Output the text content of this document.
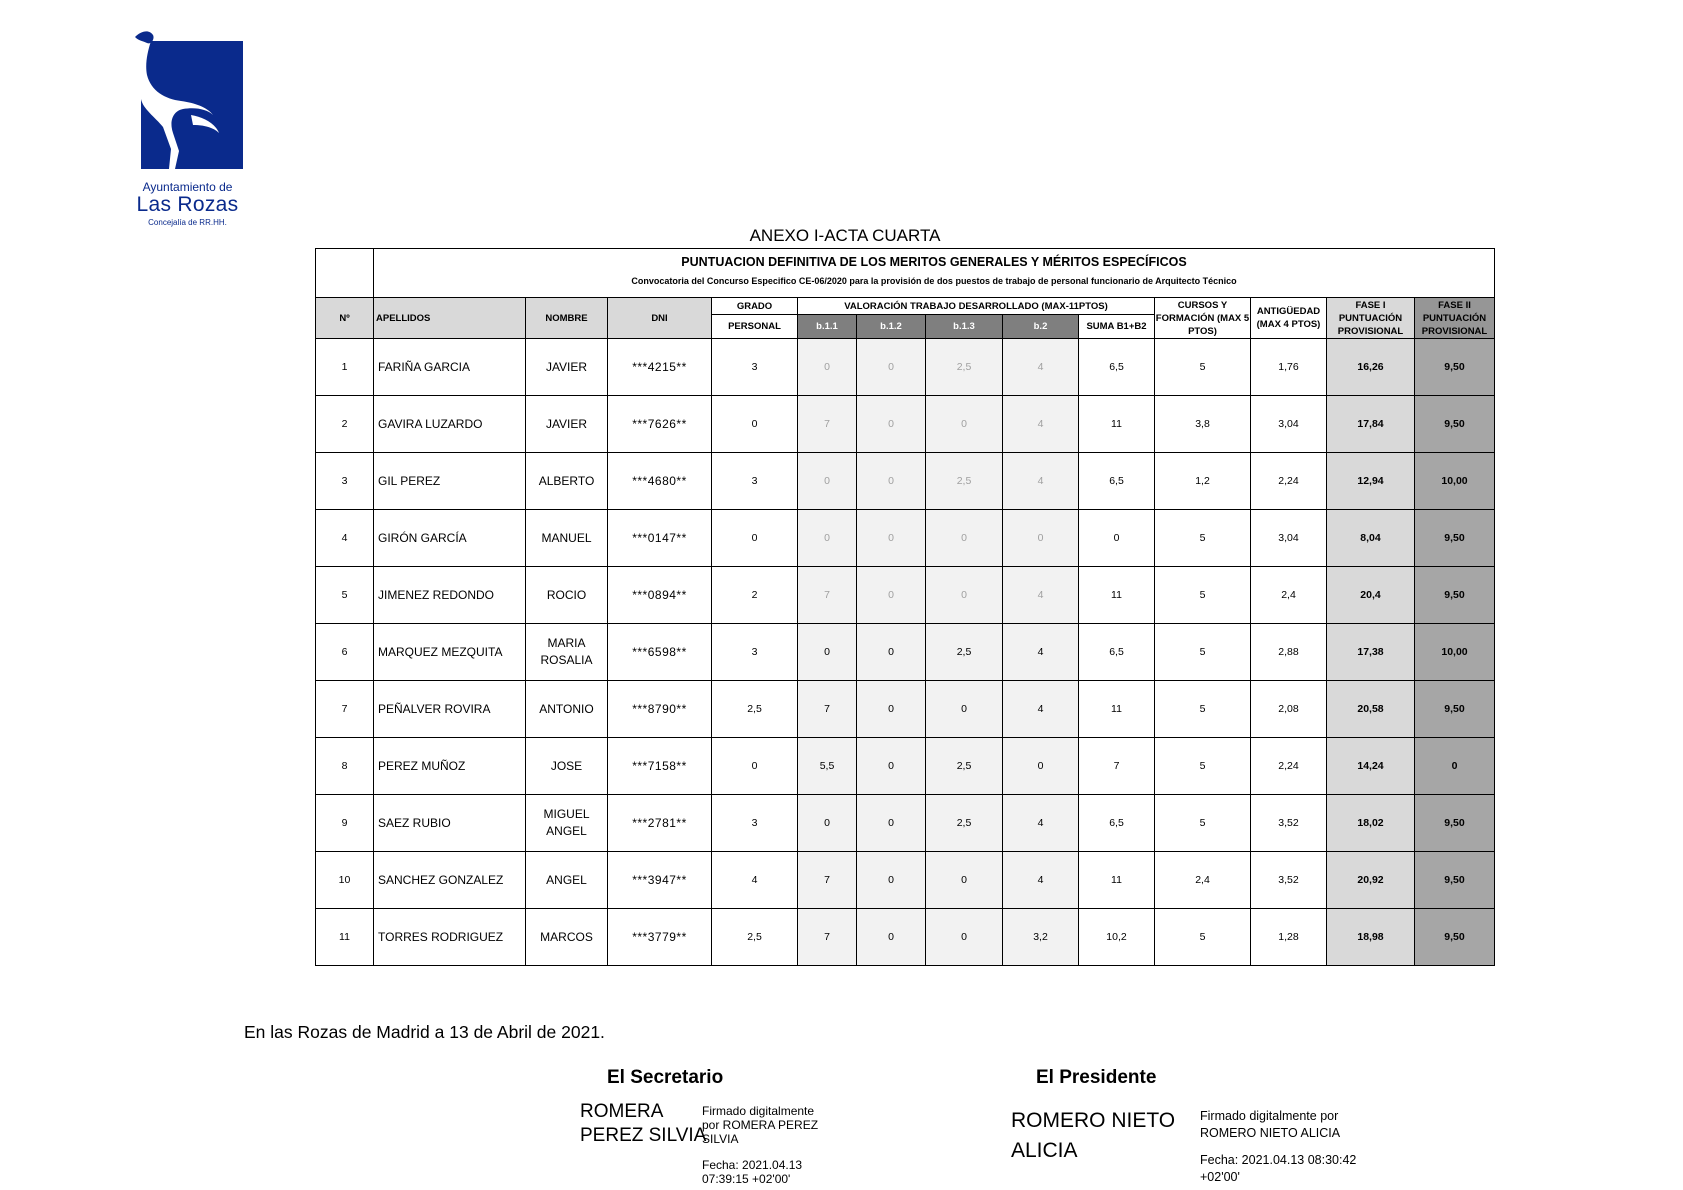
Ayuntamiento de
Las Rozas
Concejalía de RR.HH.
ANEXO I-ACTA CUARTA
	PUNTUACION DEFINITIVA DE LOS MERITOS GENERALES Y MÉRITOS ESPECÍFICOS												
	Convocatoria del Concurso Especifico CE-06/2020 para la provisión de dos puestos de trabajo de personal funcionario de Arquitecto Técnico												
Nº	APELLIDOS	NOMBRE	DNI	GRADO	VALORACIÓN TRABAJO DESARROLLADO (MAX-11PTOS)					CURSOS Y FORMACIÓN (MAX 5 PTOS)	ANTIGÜEDAD (MAX 4 PTOS)	FASE I PUNTUACIÓN PROVISIONAL	FASE II PUNTUACIÓN PROVISIONAL
				PERSONAL	b.1.1	b.1.2	b.1.3	b.2	SUMA B1+B2				
1	FARIÑA GARCIA	JAVIER	***4215**	3	0	0	2,5	4	6,5	5	1,76	16,26	9,50
2	GAVIRA LUZARDO	JAVIER	***7626**	0	7	0	0	4	11	3,8	3,04	17,84	9,50
3	GIL PEREZ	ALBERTO	***4680**	3	0	0	2,5	4	6,5	1,2	2,24	12,94	10,00
4	GIRÓN GARCÍA	MANUEL	***0147**	0	0	0	0	0	0	5	3,04	8,04	9,50
5	JIMENEZ REDONDO	ROCIO	***0894**	2	7	0	0	4	11	5	2,4	20,4	9,50
6	MARQUEZ MEZQUITA	MARIA ROSALIA	***6598**	3	0	0	2,5	4	6,5	5	2,88	17,38	10,00
7	PEÑALVER ROVIRA	ANTONIO	***8790**	2,5	7	0	0	4	11	5	2,08	20,58	9,50
8	PEREZ MUÑOZ	JOSE	***7158**	0	5,5	0	2,5	0	7	5	2,24	14,24	0
9	SAEZ RUBIO	MIGUEL ANGEL	***2781**	3	0	0	2,5	4	6,5	5	3,52	18,02	9,50
10	SANCHEZ GONZALEZ	ANGEL	***3947**	4	7	0	0	4	11	2,4	3,52	20,92	9,50
11	TORRES RODRIGUEZ	MARCOS	***3779**	2,5	7	0	0	3,2	10,2	5	1,28	18,98	9,50
En las Rozas de Madrid a 13 de Abril de 2021.
El Secretario
ROMERA
PEREZ SILVIA
Firmado digitalmente
por ROMERA PEREZ
SILVIA
Fecha: 2021.04.13
07:39:15 +02'00'
El Presidente
ROMERO NIETO
ALICIA
Firmado digitalmente por
ROMERO NIETO ALICIA
Fecha: 2021.04.13 08:30:42
+02'00'
